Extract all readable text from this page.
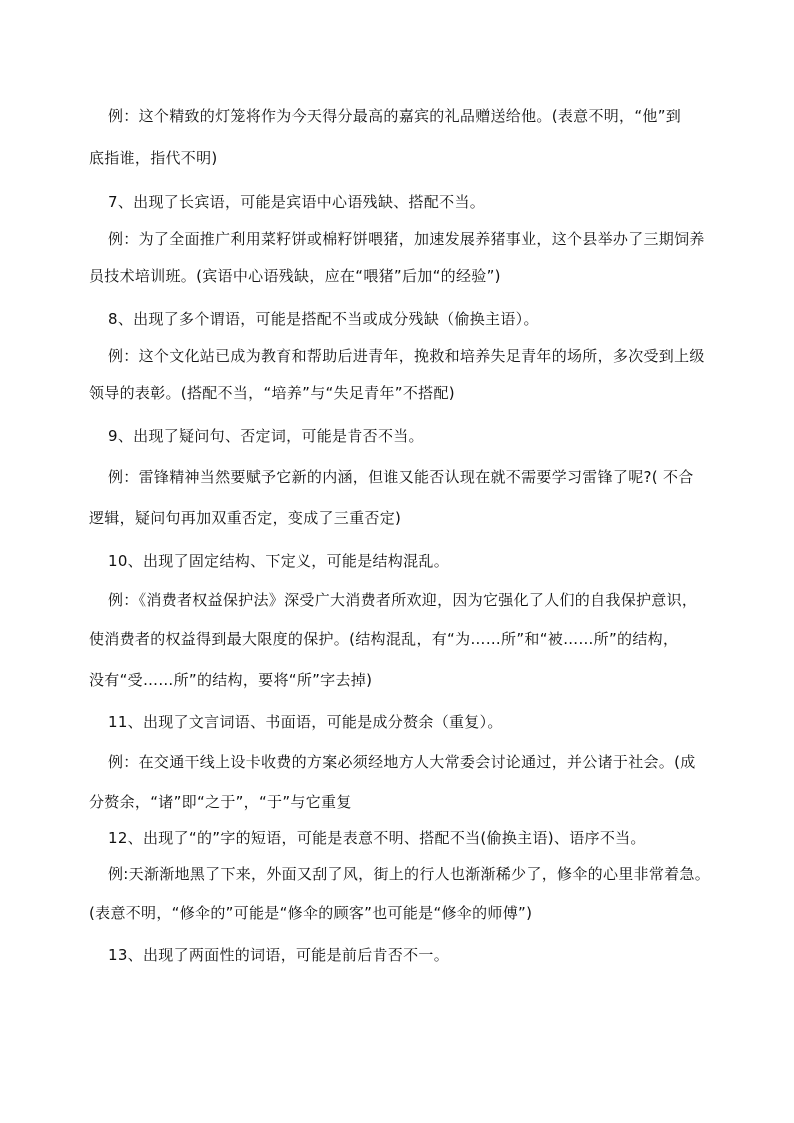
例：这个精致的灯笼将作为今天得分最高的嘉宾的礼品赠送给他。(表意不明，“他”到
底指谁，指代不明)
7、出现了长宾语，可能是宾语中心语残缺、搭配不当。
例：为了全面推广利用菜籽饼或棉籽饼喂猪，加速发展养猪事业，这个县举办了三期饲养
员技术培训班。(宾语中心语残缺，应在“喂猪”后加“的经验”)
8、出现了多个谓语，可能是搭配不当或成分残缺（偷换主语）。
例：这个文化站已成为教育和帮助后进青年，挽救和培养失足青年的场所，多次受到上级
领导的表彰。(搭配不当，“培养”与“失足青年”不搭配)
9、出现了疑问句、否定词，可能是肯否不当。
例：雷锋精神当然要赋予它新的内涵，但谁又能否认现在就不需要学习雷锋了呢?( 不合
逻辑，疑问句再加双重否定，变成了三重否定)
10、出现了固定结构、下定义，可能是结构混乱。
例：《消费者权益保护法》深受广大消费者所欢迎，因为它强化了人们的自我保护意识，
使消费者的权益得到最大限度的保护。(结构混乱，有“为……所”和“被……所”的结构，
没有“受……所”的结构，要将“所”字去掉)
11、出现了文言词语、书面语，可能是成分赘余（重复）。
例：在交通干线上设卡收费的方案必须经地方人大常委会讨论通过，并公诸于社会。(成
分赘余，“诸”即“之于”，“于”与它重复
12、出现了“的”字的短语，可能是表意不明、搭配不当(偷换主语)、语序不当。
例:天渐渐地黑了下来，外面又刮了风，街上的行人也渐渐稀少了，修伞的心里非常着急。
(表意不明，“修伞的”可能是“修伞的顾客”也可能是“修伞的师傅”)
13、出现了两面性的词语，可能是前后肯否不一。
